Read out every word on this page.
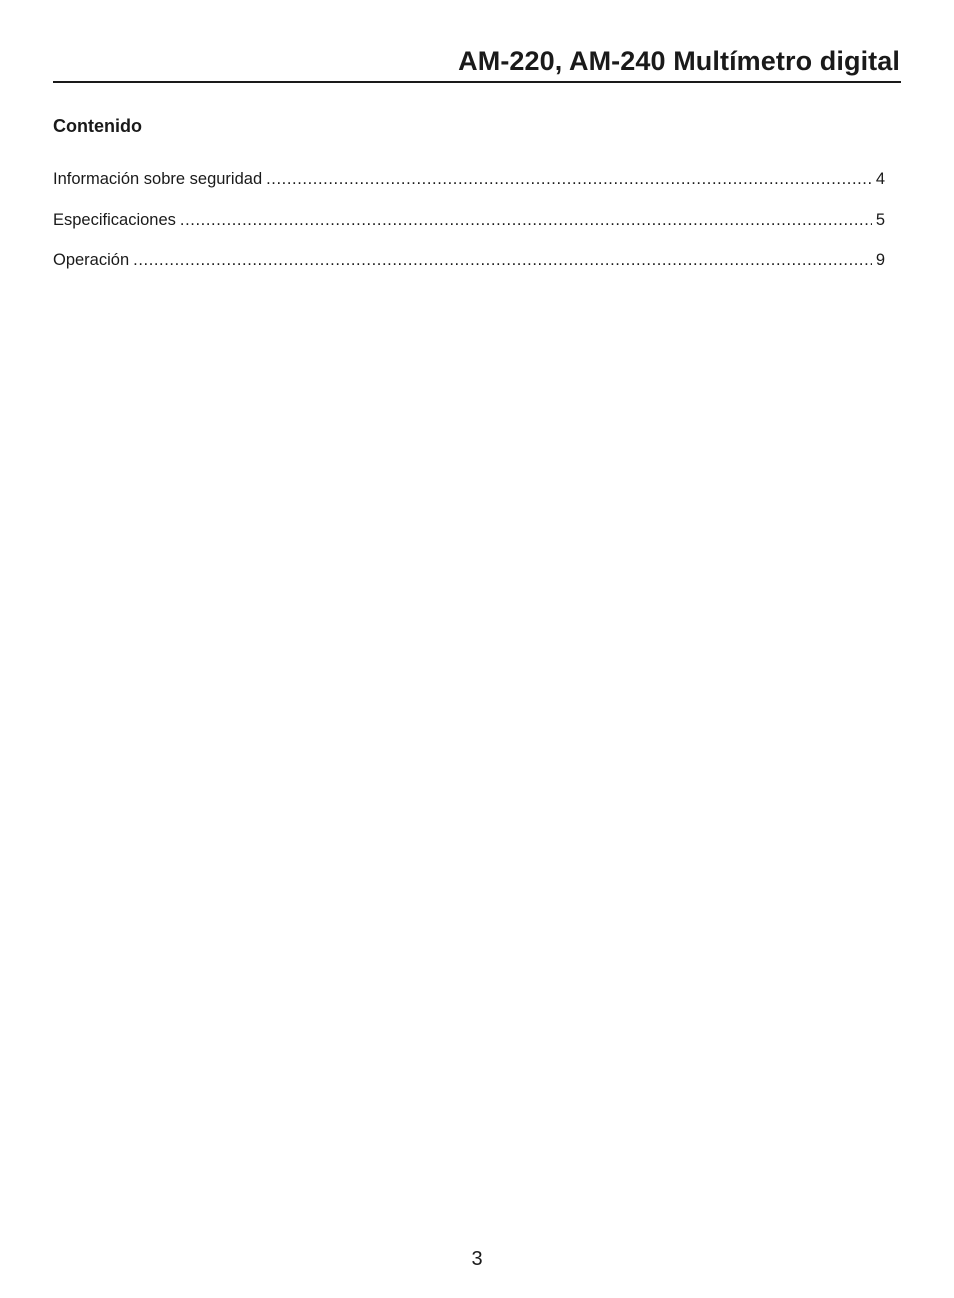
AM-220, AM-240 Multímetro digital
Contenido
Información sobre seguridad .....	4
Especificaciones .....	5
Operación .....	9
3
